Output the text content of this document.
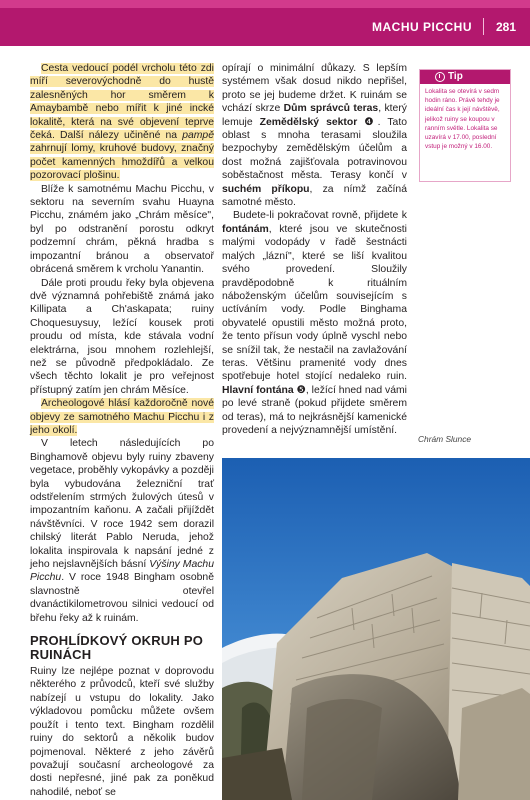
MACHU PICCHU 281

Cesta vedoucí podél vrcholu této zdi míří severovýchodně do hustě zalesněných hor směrem k Amaybambě nebo mířit k jiné incké lokalitě, která na své objevení teprve čeká. Další nálezy učiněné na pampě zahrnují lomy, kruhové budovy, značný počet kamenných hmoždířů a velkou pozorovací plošinu.

Blíže k samotnému Machu Picchu, v sektoru na severním svahu Huayna Picchu, známém jako „Chrám měsíce", byl po odstranění porostu odkryt podzemní chrám, pěkná hradba s impozantní bránou a observatoř obrácená směrem k vrcholu Yanantin.

Dále proti proudu řeky byla objevena dvě významná pohřebiště známá jako Killipata a Ch'askapata; ruiny Choquesuysuy, ležící kousek proti proudu od místa, kde stávala vodní elektrárna, jsou mnohem rozlehlejší, než se původně předpokládalo. Ze všech těchto lokalit je pro veřejnost přístupný zatím jen chrám Měsíce.

Archeologové hlásí každoročně nové objevy ze samotného Machu Picchu i z jeho okolí.

V letech následujících po Binghamově objevu byly ruiny zbaveny vegetace, proběhly vykopávky a později byla vybudována železniční trať odstřelením strmých žulových útesů v impozantním kaňonu. A začali přijíždět návštěvníci. V roce 1942 sem dorazil chilský literát Pablo Neruda, jehož lokalita inspirovala k napsání jedné z jeho nejslavnějších básní Výšiny Machu Picchu. V roce 1948 Bingham osobně slavnostně otevřel dvanáctikilometrovou silnici vedoucí od břehu řeky až k ruinám.

PROHLÍDKOVÝ OKRUH PO RUINÁCH

Ruiny lze nejlépe poznat v doprovodu některého z průvodců, kteří své služby nabízejí u vstupu do lokality. Jako výkladovou pomůcku můžete ovšem použít i tento text. Bingham rozdělil ruiny do sektorů a několik budov pojmenoval. Některé z jeho závěrů považují současní archeologové za dosti nepřesné, jiné pak za poněkud nahodilé, neboť se

opírají o minimální důkazy. S lepším systémem však dosud nikdo nepřišel, proto se jej budeme držet. K ruinám se vchází skrze Dům správců teras, který lemuje Zemědělský sektor ❹. Tato oblast s mnoha terasami sloužila bezpochyby zemědělským účelům a dost možná zajišťovala potravinovou soběstačnost města. Terasy končí v suchém příkopu, za nímž začíná samotné město.

Budete-li pokračovat rovně, přijdete k fontánám, které jsou ve skutečnosti malými vodopády v řadě šestnácti malých „lázní", které se liší kvalitou svého provedení. Sloužily pravděpodobně k rituálním náboženským účelům souvisejícím s uctíváním vody. Podle Binghama obyvatelé opustili město možná proto, že tento přísun vody úplně vyschl nebo se snížil tak, že nestačil na zavlažování teras. Většinu pramenité vody dnes spotřebuje hotel stojící nedaleko ruin. Hlavní fontána ❺, ležící hned nad vámi po levé straně (pokud přijdete směrem od teras), má to nejkrásnější kamenické provedení a nejvýznamnější umístění.

Tip
Lokalita se otevírá v sedm hodin ráno. Právě tehdy je ideální čas k její návštěvě, jelikož ruiny se koupou v ranním světle. Lokalita se uzavírá v 17.00, poslední vstup je možný v 16.00.
Chrám Slunce
